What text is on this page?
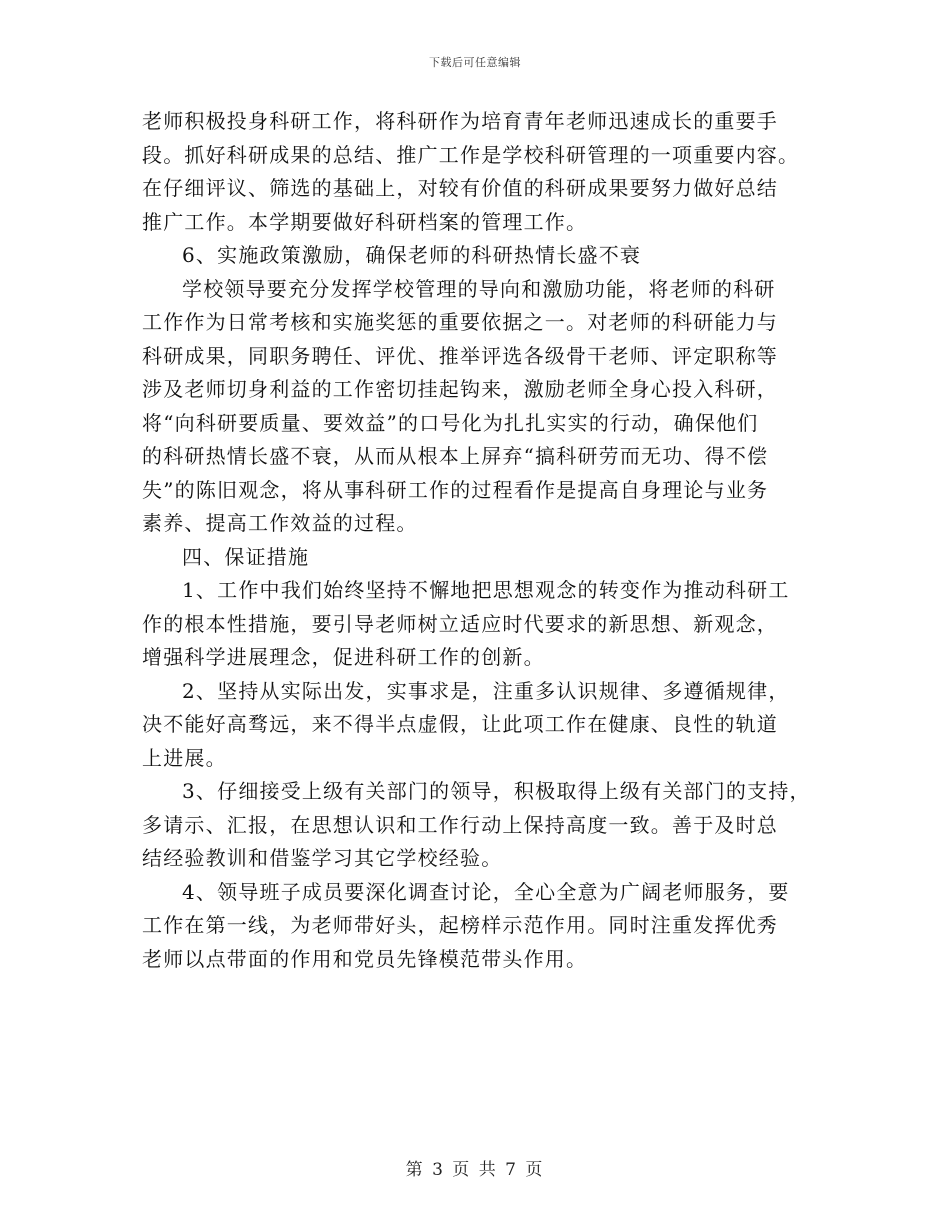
下载后可任意编辑
老师积极投身科研工作，将科研作为培育青年老师迅速成长的重要手
段。抓好科研成果的总结、推广工作是学校科研管理的一项重要内容。
在仔细评议、筛选的基础上，对较有价值的科研成果要努力做好总结
推广工作。本学期要做好科研档案的管理工作。
6、实施政策激励，确保老师的科研热情长盛不衰
学校领导要充分发挥学校管理的导向和激励功能，将老师的科研
工作作为日常考核和实施奖惩的重要依据之一。对老师的科研能力与
科研成果，同职务聘任、评优、推举评选各级骨干老师、评定职称等
涉及老师切身利益的工作密切挂起钩来，激励老师全身心投入科研，
将“向科研要质量、要效益”的口号化为扎扎实实的行动，确保他们
的科研热情长盛不衰，从而从根本上屏弃“搞科研劳而无功、得不偿
失”的陈旧观念，将从事科研工作的过程看作是提高自身理论与业务
素养、提高工作效益的过程。
四、保证措施
1、工作中我们始终坚持不懈地把思想观念的转变作为推动科研工
作的根本性措施，要引导老师树立适应时代要求的新思想、新观念，
增强科学进展理念，促进科研工作的创新。
2、坚持从实际出发，实事求是，注重多认识规律、多遵循规律，
决不能好高骛远，来不得半点虚假，让此项工作在健康、良性的轨道
上进展。
3、仔细接受上级有关部门的领导，积极取得上级有关部门的支持，
多请示、汇报，在思想认识和工作行动上保持高度一致。善于及时总
结经验教训和借鉴学习其它学校经验。
4、领导班子成员要深化调查讨论，全心全意为广阔老师服务，要
工作在第一线，为老师带好头，起榜样示范作用。同时注重发挥优秀
老师以点带面的作用和党员先锋模范带头作用。
第 3 页 共 7 页
